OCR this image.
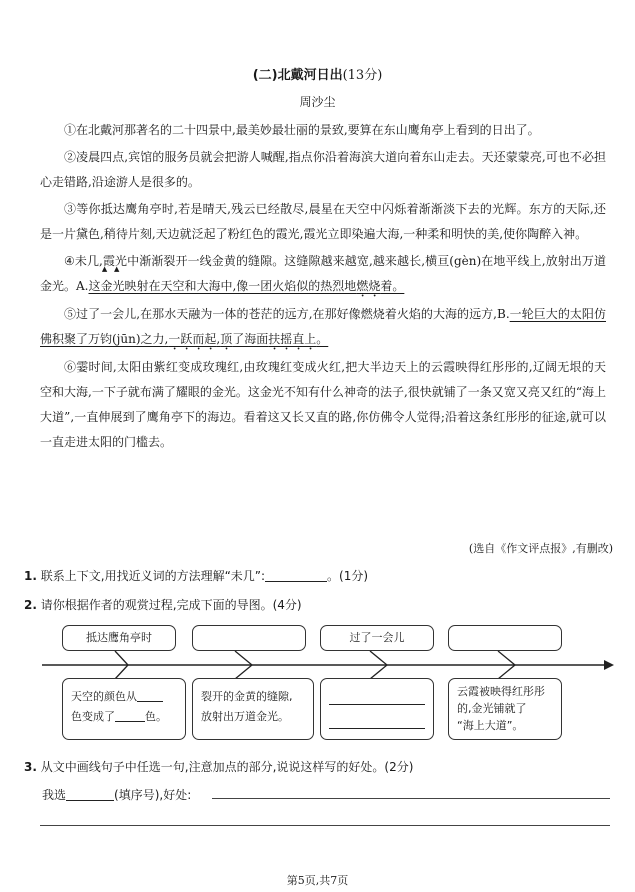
(二)北戴河日出(13分)
周沙尘

①在北戴河那著名的二十四景中,最美妙最壮丽的景致,要算在东山鹰角亭上看到的日出了。

②凌晨四点,宾馆的服务员就会把游人喊醒,指点你沿着海滨大道向着东山走去。天还蒙蒙亮,可也不必担心走错路,沿途游人是很多的。

③等你抵达鹰角亭时,若是晴天,残云已经散尽,晨星在天空中闪烁着渐渐淡下去的光辉。东方的天际,还是一片黛色,稍待片刻,天边就泛起了粉红色的霞光,霞光立即染遍大海,一种柔和明快的美,使你陶醉入神。

④▲ 未▲ 几,霞光中渐渐裂开一线金黄的缝隙。这缝隙越来越宽,越来越长,横亘(gèn)在地平线上,放射出万道金光。A.这金光映射在天空和大海中,像一团火焰似的热烈地燃烧着。

⑤过了一会儿,在那水天融为一体的苍茫的远方,在那好像燃烧着火焰的大海的远方,B.一轮巨大的太阳仿佛积聚了万钧(jūn)之力,一跃而起,顶了海面扶摇直上。

⑥霎时间,太阳由紫红变成玫瑰红,由玫瑰红变成火红,把大半边天上的云霞映得红彤彤的,辽阔无垠的天空和大海,一下子就布满了耀眼的金光。这金光不知有什么神奇的法子,很快就铺了一条又宽又亮又红的“海上大道”,一直伸展到了鹰角亭下的海边。看着这又长又直的路,你仿佛令人觉得;沿着这条红彤彤的征途,就可以一直走进太阳的门槛去。

(选自《作文评点报》,有删改)
1. 联系上下文,用找近义词的方法理解“未几”:	。(1分)
2. 请你根据作者的观赏过程,完成下面的导图。(4分)
抵达鹰角亭时	过了一会儿
天空的颜色从
色变成了	色。
裂开的金黄的缝隙,
放射出万道金光。
云霞被映得红彤彤
的,金光铺就了
“海上大道”。
3. 从文中画线句子中任选一句,注意加点的部分,说说这样写的好处。(2分)
我选	(填序号),好处:
第5页,共7页
